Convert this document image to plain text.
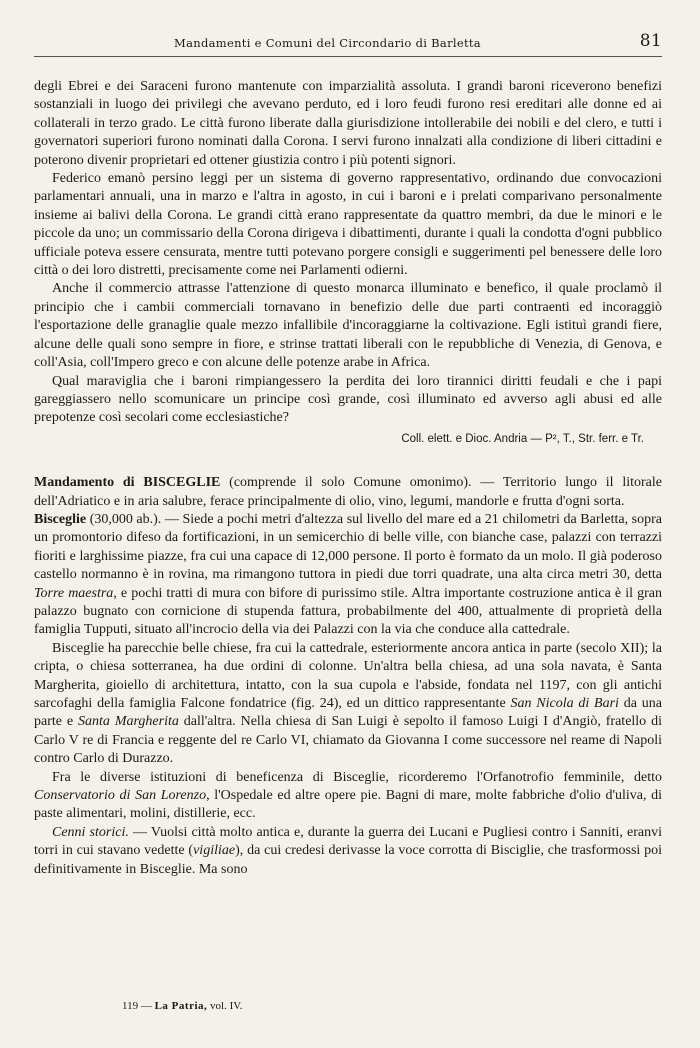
Mandamenti e Comuni del Circondario di Barletta	81

degli Ebrei e dei Saraceni furono mantenute con imparzialità assoluta. I grandi baroni riceverono benefizi sostanziali in luogo dei privilegi che avevano perduto, ed i loro feudi furono resi ereditari alle donne ed ai collaterali in terzo grado. Le città furono liberate dalla giurisdizione intollerabile dei nobili e del clero, e tutti i governatori superiori furono nominati dalla Corona. I servi furono innalzati alla condizione di liberi cittadini e poterono divenir proprietari ed ottener giustizia contro i più potenti signori.

Federico emanò persino leggi per un sistema di governo rappresentativo, ordinando due convocazioni parlamentari annuali, una in marzo e l'altra in agosto, in cui i baroni e i prelati comparivano personalmente insieme ai balivi della Corona. Le grandi città erano rappresentate da quattro membri, da due le minori e le piccole da uno; un commissario della Corona dirigeva i dibattimenti, durante i quali la condotta d'ogni pubblico ufficiale poteva essere censurata, mentre tutti potevano porgere consigli e suggerimenti pel benessere delle loro città o dei loro distretti, precisamente come nei Parlamenti odierni.

Anche il commercio attrasse l'attenzione di questo monarca illuminato e benefico, il quale proclamò il principio che i cambii commerciali tornavano in benefizio delle due parti contraenti ed incoraggiò l'esportazione delle granaglie quale mezzo infallibile d'incoraggiarne la coltivazione. Egli istituì grandi fiere, alcune delle quali sono sempre in fiore, e strinse trattati liberali con le repubbliche di Venezia, di Genova, e coll'Asia, coll'Impero greco e con alcune delle potenze arabe in Africa.

Qual maraviglia che i baroni rimpiangessero la perdita dei loro tirannici diritti feudali e che i papi gareggiassero nello scomunicare un principe così grande, così illuminato ed avverso agli abusi ed alle prepotenze così secolari come ecclesiastiche?

Coll. elett. e Dioc. Andria — P², T., Str. ferr. e Tr.

Mandamento di BISCEGLIE (comprende il solo Comune omonimo). — Territorio lungo il litorale dell'Adriatico e in aria salubre, ferace principalmente di olio, vino, legumi, mandorle e frutta d'ogni sorta.

Bisceglie (30,000 ab.). — Siede a pochi metri d'altezza sul livello del mare ed a 21 chilometri da Barletta, sopra un promontorio difeso da fortificazioni, in un semicerchio di belle ville, con bianche case, palazzi con terrazzi fioriti e larghissime piazze, fra cui una capace di 12,000 persone. Il porto è formato da un molo. Il già poderoso castello normanno è in rovina, ma rimangono tuttora in piedi due torri quadrate, una alta circa metri 30, detta Torre maestra, e pochi tratti di mura con bifore di purissimo stile. Altra importante costruzione antica è il gran palazzo bugnato con cornicione di stupenda fattura, probabilmente del 400, attualmente di proprietà della famiglia Tupputi, situato all'incrocio della via dei Palazzi con la via che conduce alla cattedrale.

Bisceglie ha parecchie belle chiese, fra cui la cattedrale, esteriormente ancora antica in parte (secolo XII); la cripta, o chiesa sotterranea, ha due ordini di colonne. Un'altra bella chiesa, ad una sola navata, è Santa Margherita, gioiello di architettura, intatto, con la sua cupola e l'abside, fondata nel 1197, con gli antichi sarcofaghi della famiglia Falcone fondatrice (fig. 24), ed un dittico rappresentante San Nicola di Bari da una parte e Santa Margherita dall'altra. Nella chiesa di San Luigi è sepolto il famoso Luigi I d'Angiò, fratello di Carlo V re di Francia e reggente del re Carlo VI, chiamato da Giovanna I come successore nel reame di Napoli contro Carlo di Durazzo.

Fra le diverse istituzioni di beneficenza di Bisceglie, ricorderemo l'Orfanotrofio femminile, detto Conservatorio di San Lorenzo, l'Ospedale ed altre opere pie. Bagni di mare, molte fabbriche d'olio d'uliva, di paste alimentari, molini, distillerie, ecc.

Cenni storici. — Vuolsi città molto antica e, durante la guerra dei Lucani e Pugliesi contro i Sanniti, eranvi torri in cui stavano vedette (vigiliae), da cui credesi derivasse la voce corrotta di Bisciglie, che trasformossi poi definitivamente in Bisceglie. Ma sono

119 — La Patria, vol. IV.
